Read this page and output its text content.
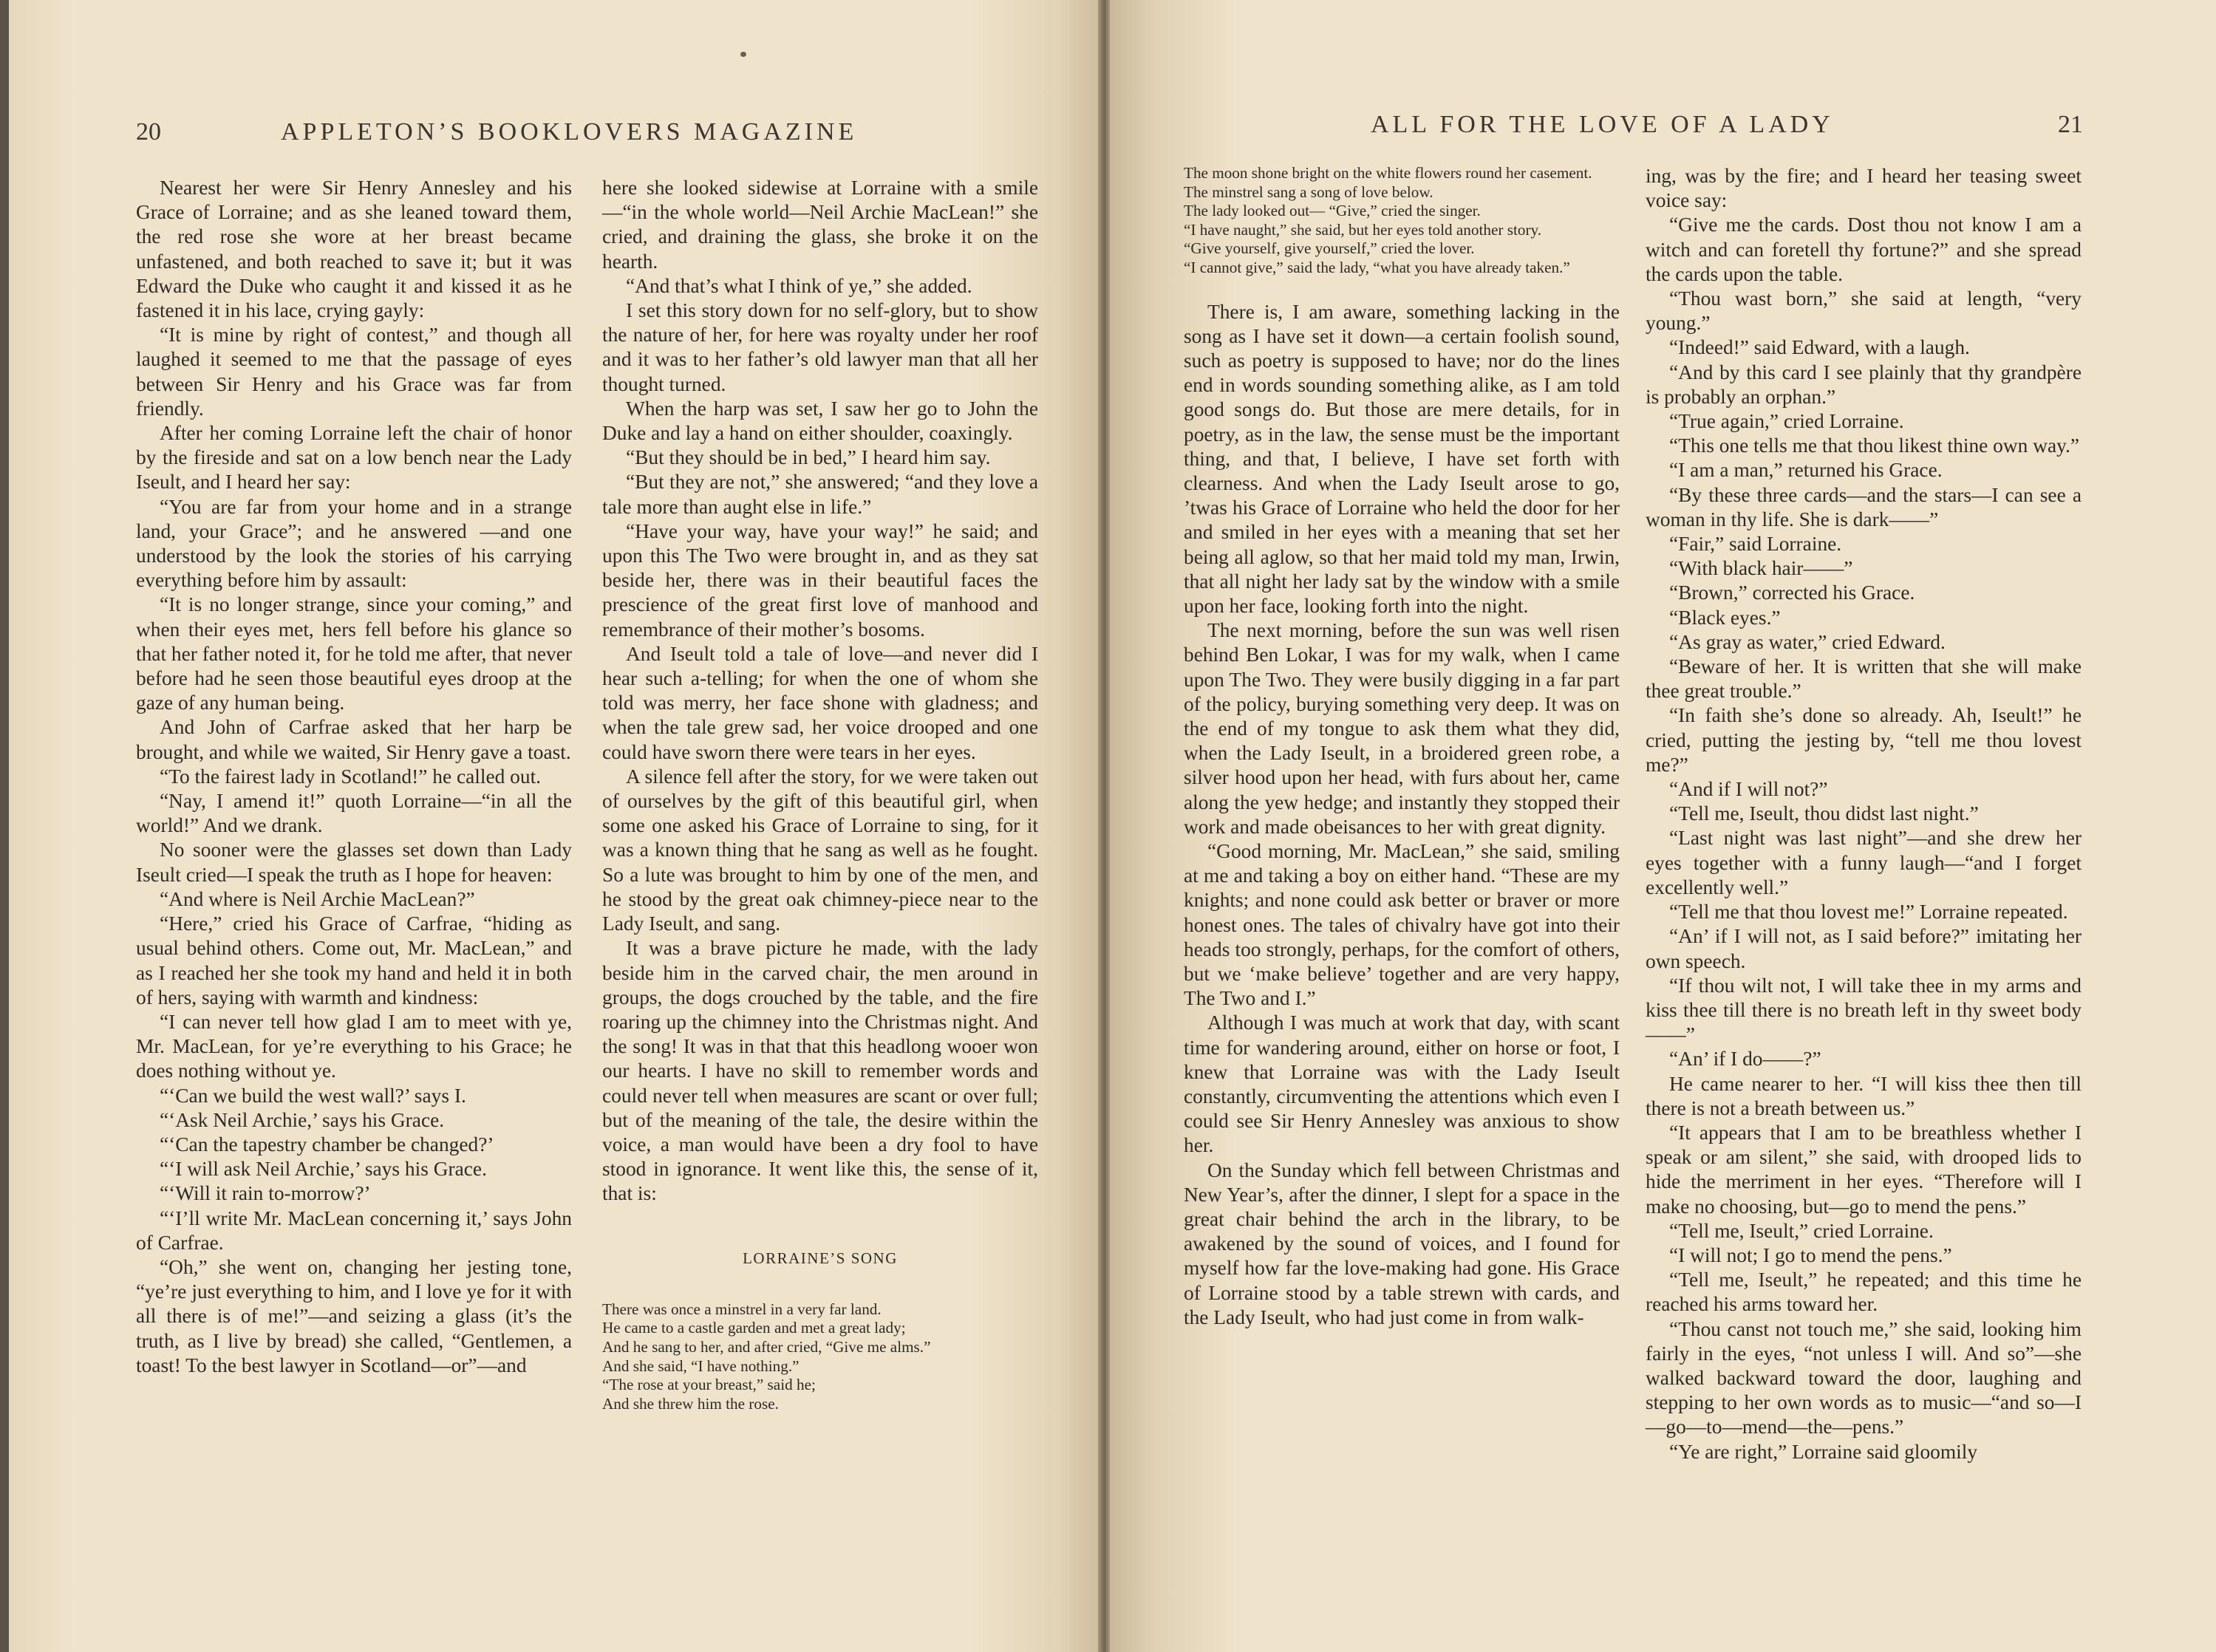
20	APPLETON’S BOOKLOVERS MAGAZINE

Nearest her were Sir Henry Annesley and his Grace of Lorraine; and as she leaned toward them, the red rose she wore at her breast became unfastened, and both reached to save it; but it was Edward the Duke who caught it and kissed it as he fastened it in his lace, crying gayly:

“It is mine by right of contest,” and though all laughed it seemed to me that the passage of eyes between Sir Henry and his Grace was far from friendly.

After her coming Lorraine left the chair of honor by the fireside and sat on a low bench near the Lady Iseult, and I heard her say:

“You are far from your home and in a strange land, your Grace”; and he answered —and one understood by the look the stories of his carrying everything before him by assault:

“It is no longer strange, since your coming,” and when their eyes met, hers fell before his glance so that her father noted it, for he told me after, that never before had he seen those beautiful eyes droop at the gaze of any human being.

And John of Carfrae asked that her harp be brought, and while we waited, Sir Henry gave a toast.

“To the fairest lady in Scotland!” he called out.

“Nay, I amend it!” quoth Lorraine—“in all the world!” And we drank.

No sooner were the glasses set down than Lady Iseult cried—I speak the truth as I hope for heaven:

“And where is Neil Archie MacLean?”

“Here,” cried his Grace of Carfrae, “hiding as usual behind others. Come out, Mr. MacLean,” and as I reached her she took my hand and held it in both of hers, saying with warmth and kindness:

“I can never tell how glad I am to meet with ye, Mr. MacLean, for ye’re everything to his Grace; he does nothing without ye.

“‘Can we build the west wall?’ says I.

“‘Ask Neil Archie,’ says his Grace.

“‘Can the tapestry chamber be changed?’

“‘I will ask Neil Archie,’ says his Grace.

“‘Will it rain to-morrow?’

“‘I’ll write Mr. MacLean concerning it,’ says John of Carfrae.

“Oh,” she went on, changing her jesting tone, “ye’re just everything to him, and I love ye for it with all there is of me!”—and seizing a glass (it’s the truth, as I live by bread) she called, “Gentlemen, a toast! To the best lawyer in Scotland—or”—and

here she looked sidewise at Lorraine with a smile—“in the whole world—Neil Archie MacLean!” she cried, and draining the glass, she broke it on the hearth.

“And that’s what I think of ye,” she added.

I set this story down for no self-glory, but to show the nature of her, for here was royalty under her roof and it was to her father’s old lawyer man that all her thought turned.

When the harp was set, I saw her go to John the Duke and lay a hand on either shoulder, coaxingly.

“But they should be in bed,” I heard him say.

“But they are not,” she answered; “and they love a tale more than aught else in life.”

“Have your way, have your way!” he said; and upon this The Two were brought in, and as they sat beside her, there was in their beautiful faces the prescience of the great first love of manhood and remembrance of their mother’s bosoms.

And Iseult told a tale of love—and never did I hear such a-telling; for when the one of whom she told was merry, her face shone with gladness; and when the tale grew sad, her voice drooped and one could have sworn there were tears in her eyes.

A silence fell after the story, for we were taken out of ourselves by the gift of this beautiful girl, when some one asked his Grace of Lorraine to sing, for it was a known thing that he sang as well as he fought. So a lute was brought to him by one of the men, and he stood by the great oak chimney-piece near to the Lady Iseult, and sang.

It was a brave picture he made, with the lady beside him in the carved chair, the men around in groups, the dogs crouched by the table, and the fire roaring up the chimney into the Christmas night. And the song! It was in that that this headlong wooer won our hearts. I have no skill to remember words and could never tell when measures are scant or over full; but of the meaning of the tale, the desire within the voice, a man would have been a dry fool to have stood in ignorance. It went like this, the sense of it, that is:

LORRAINE’S SONG

There was once a minstrel in a very far land.

He came to a castle garden and met a great lady;

And he sang to her, and after cried, “Give me alms.”

And she said, “I have nothing.”

“The rose at your breast,” said he;

And she threw him the rose.

ALL FOR THE LOVE OF A LADY	21

The moon shone bright on the white flowers round her casement.

The minstrel sang a song of love below.

The lady looked out— “Give,” cried the singer.

“I have naught,” she said, but her eyes told another story.

“Give yourself, give yourself,” cried the lover.

“I cannot give,” said the lady, “what you have already taken.”

There is, I am aware, something lacking in the song as I have set it down—a certain foolish sound, such as poetry is supposed to have; nor do the lines end in words sounding something alike, as I am told good songs do. But those are mere details, for in poetry, as in the law, the sense must be the important thing, and that, I believe, I have set forth with clearness. And when the Lady Iseult arose to go, ’twas his Grace of Lorraine who held the door for her and smiled in her eyes with a meaning that set her being all aglow, so that her maid told my man, Irwin, that all night her lady sat by the window with a smile upon her face, looking forth into the night.

The next morning, before the sun was well risen behind Ben Lokar, I was for my walk, when I came upon The Two. They were busily digging in a far part of the policy, burying something very deep. It was on the end of my tongue to ask them what they did, when the Lady Iseult, in a broidered green robe, a silver hood upon her head, with furs about her, came along the yew hedge; and instantly they stopped their work and made obeisances to her with great dignity.

“Good morning, Mr. MacLean,” she said, smiling at me and taking a boy on either hand. “These are my knights; and none could ask better or braver or more honest ones. The tales of chivalry have got into their heads too strongly, perhaps, for the comfort of others, but we ‘make believe’ together and are very happy, The Two and I.”

Although I was much at work that day, with scant time for wandering around, either on horse or foot, I knew that Lorraine was with the Lady Iseult constantly, circumventing the attentions which even I could see Sir Henry Annesley was anxious to show her.

On the Sunday which fell between Christmas and New Year’s, after the dinner, I slept for a space in the great chair behind the arch in the library, to be awakened by the sound of voices, and I found for myself how far the love-making had gone. His Grace of Lorraine stood by a table strewn with cards, and the Lady Iseult, who had just come in from walk-

ing, was by the fire; and I heard her teasing sweet voice say:

“Give me the cards. Dost thou not know I am a witch and can foretell thy fortune?” and she spread the cards upon the table.

“Thou wast born,” she said at length, “very young.”

“Indeed!” said Edward, with a laugh.

“And by this card I see plainly that thy grandpère is probably an orphan.”

“True again,” cried Lorraine.

“This one tells me that thou likest thine own way.”

“I am a man,” returned his Grace.

“By these three cards—and the stars—I can see a woman in thy life. She is dark——”

“Fair,” said Lorraine.

“With black hair——”

“Brown,” corrected his Grace.

“Black eyes.”

“As gray as water,” cried Edward.

“Beware of her. It is written that she will make thee great trouble.”

“In faith she’s done so already. Ah, Iseult!” he cried, putting the jesting by, “tell me thou lovest me?”

“And if I will not?”

“Tell me, Iseult, thou didst last night.”

“Last night was last night”—and she drew her eyes together with a funny laugh—“and I forget excellently well.”

“Tell me that thou lovest me!” Lorraine repeated.

“An’ if I will not, as I said before?” imitating her own speech.

“If thou wilt not, I will take thee in my arms and kiss thee till there is no breath left in thy sweet body——”

“An’ if I do——?”

He came nearer to her. “I will kiss thee then till there is not a breath between us.”

“It appears that I am to be breathless whether I speak or am silent,” she said, with drooped lids to hide the merriment in her eyes. “Therefore will I make no choosing, but—go to mend the pens.”

“Tell me, Iseult,” cried Lorraine.

“I will not; I go to mend the pens.”

“Tell me, Iseult,” he repeated; and this time he reached his arms toward her.

“Thou canst not touch me,” she said, looking him fairly in the eyes, “not unless I will. And so”—she walked backward toward the door, laughing and stepping to her own words as to music—“and so—I—go—to—mend—the—pens.”

“Ye are right,” Lorraine said gloomily
